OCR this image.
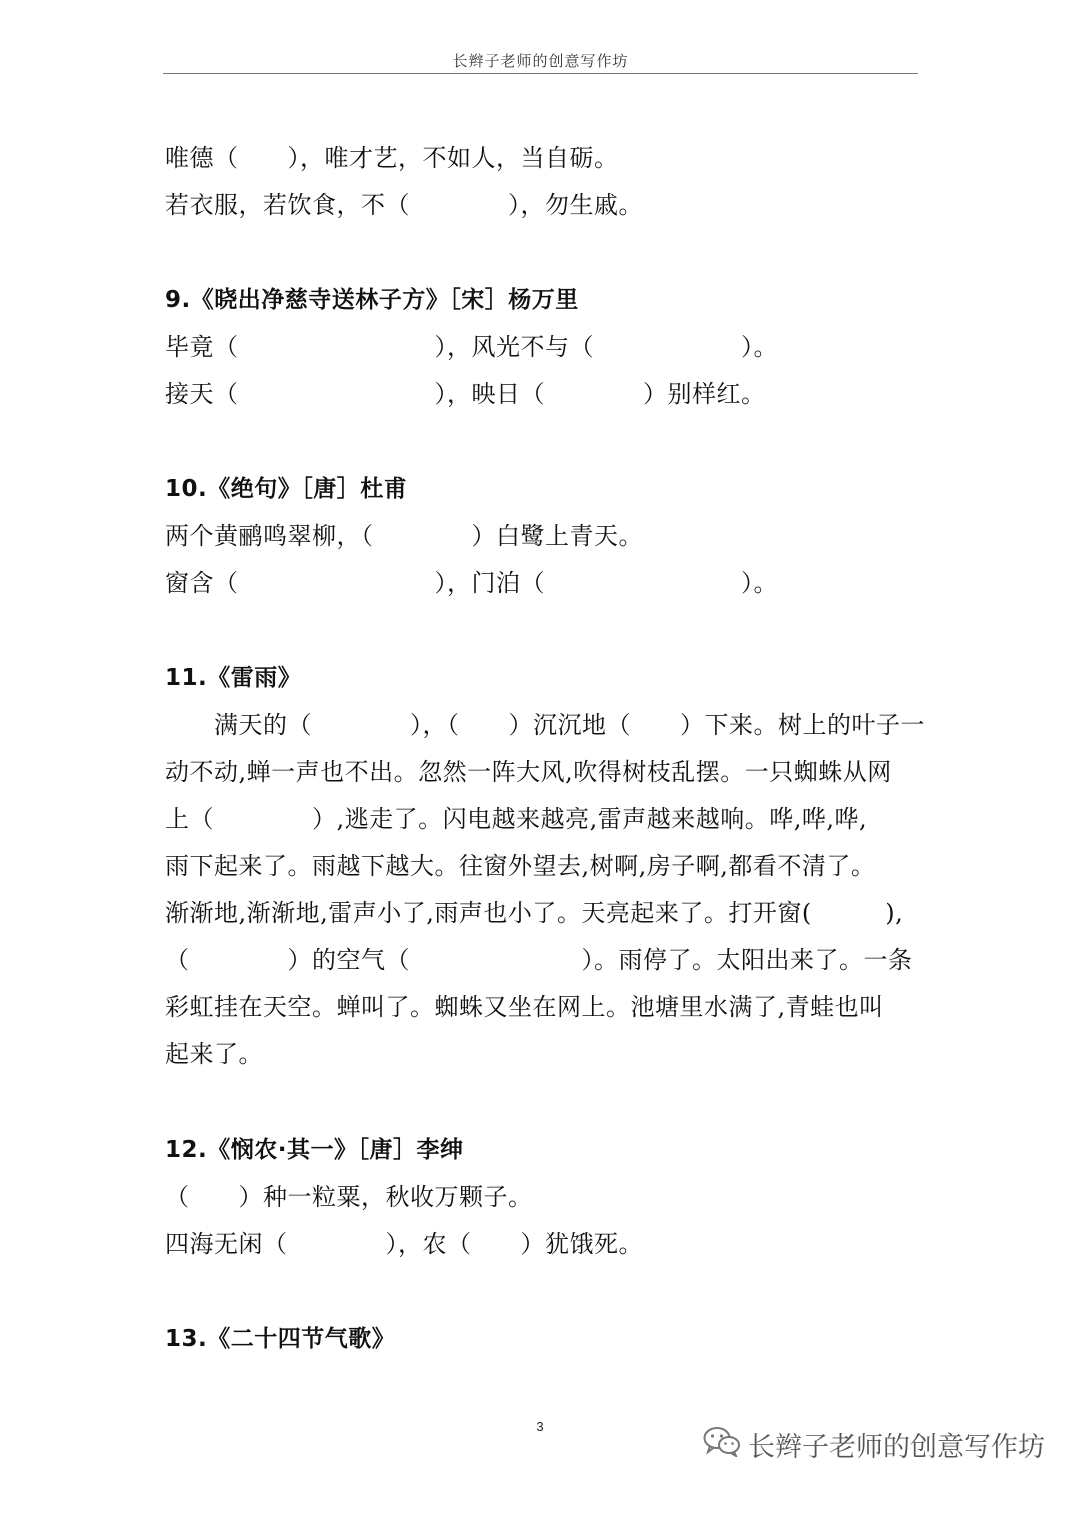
长辫子老师的创意写作坊
唯德（　　），唯才艺，不如人，当自砺。
若衣服，若饮食，不（　　　　），勿生戚。
9.《晓出净慈寺送林子方》［宋］杨万里
毕竟（　　　　　　　　），风光不与（　　　　　　）。
接天（　　　　　　　　），映日（　　　　）别样红。
10.《绝句》［唐］杜甫
两个黄鹂鸣翠柳，（　　　　）白鹭上青天。
窗含（　　　　　　　　），门泊（　　　　　　　　）。
11.《雷雨》
　　满天的（　　　　），（　　）沉沉地（　　）下来。树上的叶子一
动不动,蝉一声也不出。忽然一阵大风,吹得树枝乱摆。一只蜘蛛从网
上（　　　　）,逃走了。闪电越来越亮,雷声越来越响。哗,哗,哗,
雨下起来了。雨越下越大。往窗外望去,树啊,房子啊,都看不清了。
渐渐地,渐渐地,雷声小了,雨声也小了。天亮起来了。打开窗(　　　),
（　　　　）的空气（　　　　　　　）。雨停了。太阳出来了。一条
彩虹挂在天空。蝉叫了。蜘蛛又坐在网上。池塘里水满了,青蛙也叫
起来了。
12.《悯农·其一》［唐］李绅
（　　）种一粒粟，秋收万颗子。
四海无闲（　　　　），农（　　）犹饿死。
13.《二十四节气歌》
3
长辫子老师的创意写作坊
